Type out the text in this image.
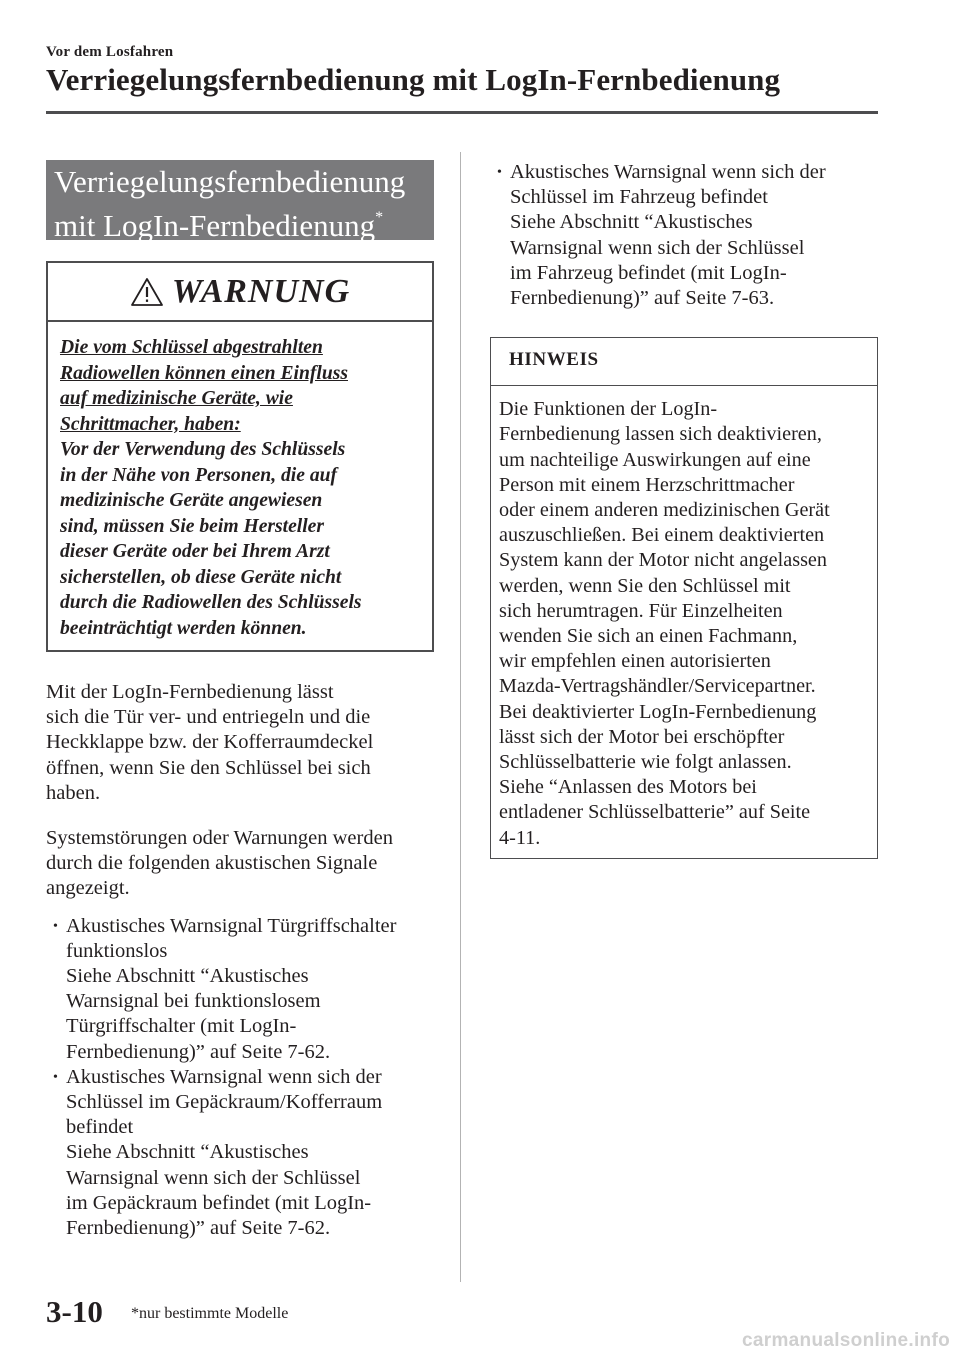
Vor dem Losfahren
Verriegelungsfernbedienung mit LogIn-Fernbedienung
Verriegelungsfernbedienung
mit LogIn-Fernbedienung*
WARNUNG
Die vom Schlüssel abgestrahlten
Radiowellen können einen Einfluss
auf medizinische Geräte, wie
Schrittmacher, haben:
Vor der Verwendung des Schlüssels
in der Nähe von Personen, die auf
medizinische Geräte angewiesen
sind, müssen Sie beim Hersteller
dieser Geräte oder bei Ihrem Arzt
sicherstellen, ob diese Geräte nicht
durch die Radiowellen des Schlüssels
beeinträchtigt werden können.

Mit der LogIn-Fernbedienung lässt
sich die Tür ver- und entriegeln und die
Heckklappe bzw. der Kofferraumdeckel
öffnen, wenn Sie den Schlüssel bei sich
haben.

Systemstörungen oder Warnungen werden
durch die folgenden akustischen Signale
angezeigt.

• Akustisches Warnsignal Türgriffschalter
funktionslos
Siehe Abschnitt “Akustisches
Warnsignal bei funktionslosem
Türgriffschalter (mit LogIn-
Fernbedienung)” auf Seite 7-62.
• Akustisches Warnsignal wenn sich der
Schlüssel im Gepäckraum/Kofferraum
befindet
Siehe Abschnitt “Akustisches
Warnsignal wenn sich der Schlüssel
im Gepäckraum befindet (mit LogIn-
Fernbedienung)” auf Seite 7-62.
• Akustisches Warnsignal wenn sich der
Schlüssel im Fahrzeug befindet
Siehe Abschnitt “Akustisches
Warnsignal wenn sich der Schlüssel
im Fahrzeug befindet (mit LogIn-
Fernbedienung)” auf Seite 7-63.
HINWEIS
Die Funktionen der LogIn-
Fernbedienung lassen sich deaktivieren,
um nachteilige Auswirkungen auf eine
Person mit einem Herzschrittmacher
oder einem anderen medizinischen Gerät
auszuschließen. Bei einem deaktivierten
System kann der Motor nicht angelassen
werden, wenn Sie den Schlüssel mit
sich herumtragen. Für Einzelheiten
wenden Sie sich an einen Fachmann,
wir empfehlen einen autorisierten
Mazda-Vertragshändler/Servicepartner.
Bei deaktivierter LogIn-Fernbedienung
lässt sich der Motor bei erschöpfter
Schlüsselbatterie wie folgt anlassen.
Siehe “Anlassen des Motors bei
entladener Schlüsselbatterie” auf Seite
4-11.
3-10 *nur bestimmte Modelle
carmanualsonline.info
